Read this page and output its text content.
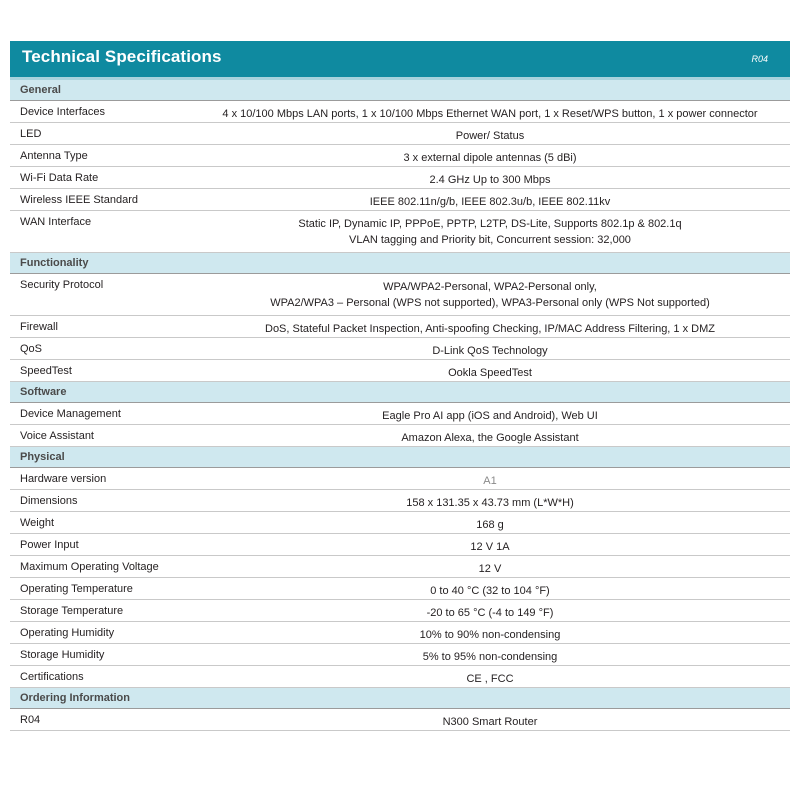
Technical Specifications	R04
General
Device Interfaces	4 x 10/100 Mbps LAN ports, 1 x 10/100 Mbps Ethernet WAN port, 1 x Reset/WPS button, 1 x power connector
LED	Power/ Status
Antenna Type	3 x external dipole antennas (5 dBi)
Wi-Fi Data Rate	2.4 GHz Up to 300 Mbps
Wireless IEEE Standard	IEEE 802.11n/g/b, IEEE 802.3u/b, IEEE 802.11kv
WAN Interface	Static IP, Dynamic IP, PPPoE, PPTP, L2TP, DS-Lite, Supports 802.1p & 802.1q
VLAN tagging and Priority bit, Concurrent session: 32,000
Functionality
Security Protocol	WPA/WPA2-Personal, WPA2-Personal only,
WPA2/WPA3 – Personal (WPS not supported), WPA3-Personal only (WPS Not supported)
Firewall	DoS, Stateful Packet Inspection, Anti-spoofing Checking, IP/MAC Address Filtering, 1 x DMZ
QoS	D-Link QoS Technology
SpeedTest	Ookla SpeedTest
Software
Device Management	Eagle Pro AI app (iOS and Android), Web UI
Voice Assistant	Amazon Alexa, the Google Assistant
Physical
Hardware version	A1
Dimensions	158 x 131.35 x 43.73 mm (L*W*H)
Weight	168 g
Power Input	12 V 1A
Maximum Operating Voltage	12 V
Operating Temperature	0 to 40 °C (32 to 104 °F)
Storage Temperature	-20 to 65 °C (-4 to 149 °F)
Operating Humidity	10% to 90% non-condensing
Storage Humidity	5% to 95% non-condensing
Certifications	CE , FCC
Ordering Information
R04	N300 Smart Router
